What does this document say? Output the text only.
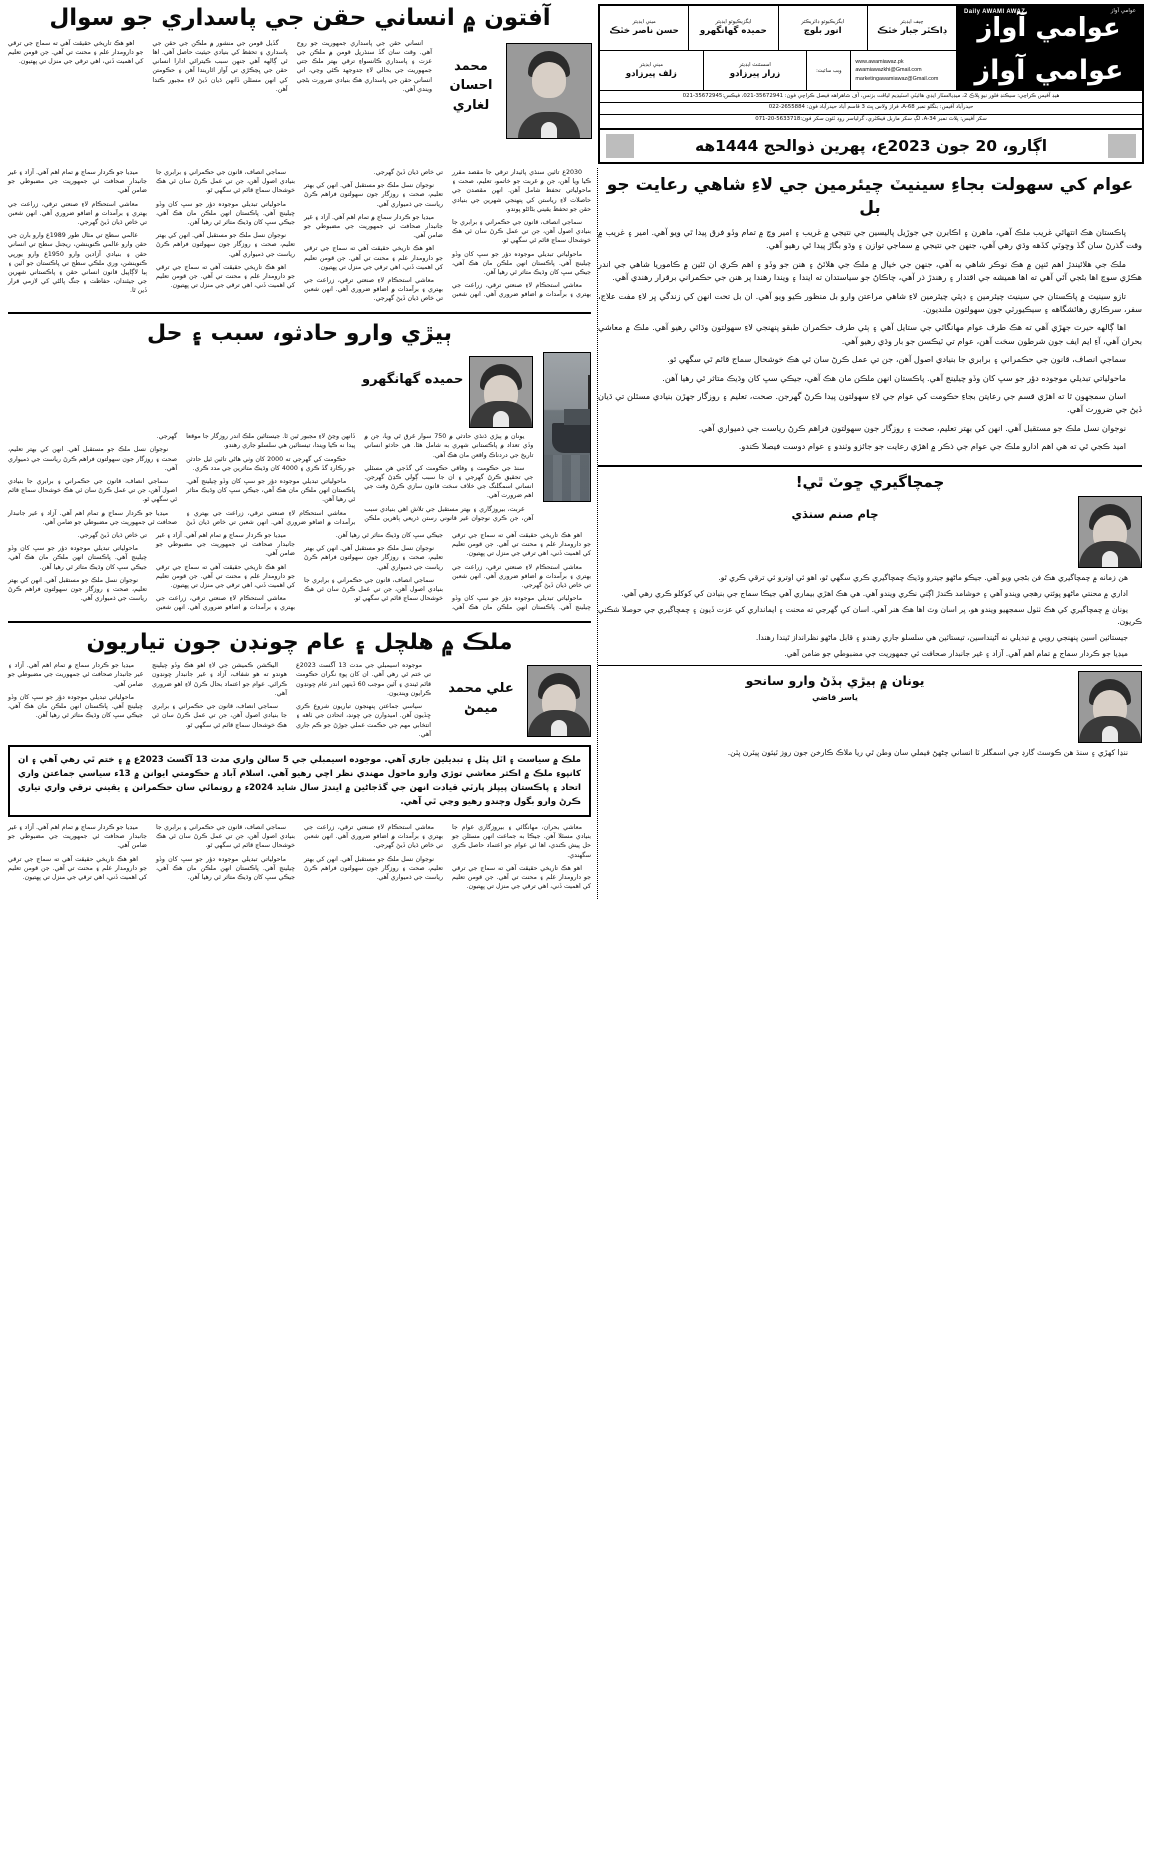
عوامي آواز
Daily AWAMI AWAZ
عوامي آواز
چيف ايڊيٽر
ڊاڪٽر جبار خٽڪ
ايگزيڪيوٽو ڊائريڪٽر
انور بلوچ
ايگزيڪيوٽو ايڊيٽر
حميده گهانگهرو
ميني ايڊيٽر
حسن ناصر خٽڪ
عوامي آواز
www.awamiawaz.pk
awamiawazkhi@Gmail.com
marketingawamiawaz@Gmail.com
ويب سائيٽ:
اسسٽنٽ ايڊيٽر
زرار پيرزادو
ميني ايڊيٽر
زلف پيرزادو
هيڊ آفيس ڪراچي: سيڪنڊ فلور نيو پلاڪ 2، ميڊيالسٽار ايڊي هائيٽي اسٽيڊيم لياقت بزنس، آف شاهراهه فيصل ڪراچي فون: 35672941-021، فيڪس:35672945-021
حيدرآباد آفيس: بنگلو نمبر 68-A، فراز ولاس ڀٽ 3 قاسم آباد حيدرآباد فون: 2655884-022
سکر آفيس: پلاٽ نمبر 34-A، لڳ سکر ماربل فيڪٽري، گرلياسر روڊ ٽئون سکر فون:5633718-20-071
آفتون ۾ انساني حقن جي پاسداري جو سوال
محمد احسان لغاري

انساني حقن جي پاسداري جمهوريت جو روح آهي. وقت سان گڏ سنڌريل قومن ۾ ملڪن جي عزت ۽ پاسداري ڪانسواءِ ترقي بهتر ملڪ جتي جمهوريت جي بحالي لاءِ جدوجهد ڪئي وڃي، اتي انساني حقن جي پاسداري هڪ بنيادي ضرورت بڻجي ويندي آهي.

گڏيل قومن جي منشور ۾ ملڪن جي حقن جي پاسداري ۽ تحفظ کي بنيادي حيثيت حاصل آهي. اها ئي ڳالهه آهي جنهن سبب ڪيترائي ادارا انساني حقن جي ڀڃڪڙي تي آواز اٿاريندا آهن ۽ حڪومتن کي انهن مسئلن ڏانهن ڌيان ڏيڻ لاءِ مجبور ڪندا آهن.

اهو هڪ تاريخي حقيقت آهي ته سماج جي ترقي جو دارومدار علم ۽ محنت تي آهي. جن قومن تعليم کي اهميت ڏني، اهي ترقي جي منزل تي پهتيون.

اڳارو، 20 جون 2023ع، پهرين ذوالحج 1444هه
عوام کي سهولت بجاءِ سينيٽ چيئرمين جي لاءِ شاهي رعايت جو بل

پاڪستان هڪ انتهائي غريب ملڪ آهي، ماهرن ۽ اڪابرن جي جوڙيل پاليسين جي نتيجي ۾ غريب ۽ امير وچ ۾ تمام وڏو فرق پيدا ٿي ويو آهي. امير ۽ غريب ۾ وقت گذرڻ سان گڏ وڇوٽي کڏهه وڌي رهي آهي، جنهن جي نتيجي ۾ سماجي توازن ۽ وڌو بگاڙ پيدا ٿي رهيو آهي.

ملڪ جي هلائيندڙ اهم ٿنڀن ۾ هڪ نوڪر شاهي به آهي، جنهن جي خيال ۾ ملڪ جي هلائڻ ۽ هنن جو وڏو ۽ اهم ڪري ان ٿئين ۾ ڪاموريا شاهي جي اندر هڪڙي سوچ اها بڻجي آئي آهي ته اها هميشه جي اقتدار ۽ رهندڙ ذر آهي، چاڪاڻ جو سياستدان ته ايندا ۽ ويندا رهندا پر هنن جي حڪمراني برقرار رهندي آهي.

تازو سينيٽ ۾ پاڪستان جي سينيٽ چيئرمين ۽ ڊپٽي چيئرمين لاءِ شاهي مراعتن وارو بل منظور ڪيو ويو آهي. ان بل تحت انهن کي زندگي ڀر لاءِ مفت علاج، سفر، سرڪاري رهائشگاهه ۽ سيڪيورٽي جون سهولتون ملنديون.

اها ڳالهه حيرت جهڙي آهي ته هڪ طرف عوام مهانگائي جي ستايل آهي ۽ ٻئي طرف حڪمران طبقو پنهنجي لاءِ سهولتون وڌائي رهيو آهي. ملڪ ۾ معاشي بحران آهي، آءِ ايم ايف جون شرطون سخت آهن، عوام تي ٽيڪسن جو بار وڌي رهيو آهي.

سماجي انصاف، قانون جي حڪمراني ۽ برابري جا بنيادي اصول آهن، جن تي عمل ڪرڻ سان ئي هڪ خوشحال سماج قائم ٿي سگهي ٿو.

ماحولياتي تبديلي موجوده دؤر جو سڀ کان وڏو چيلينج آهي. پاڪستان انهن ملڪن مان هڪ آهي، جيڪي سڀ کان وڌيڪ متاثر ٿي رهيا آهن.

اسان سمجهون ٿا ته اهڙي قسم جي رعايتن بجاءِ حڪومت کي عوام جي لاءِ سهولتون پيدا ڪرڻ گهرجن. صحت، تعليم ۽ روزگار جهڙن بنيادي مسئلن تي ڌيان ڏيڻ جي ضرورت آهي.

نوجوان نسل ملڪ جو مستقبل آهي. انهن کي بهتر تعليم، صحت ۽ روزگار جون سهولتون فراهم ڪرڻ رياست جي ذميواري آهي.

اميد ڪجي ٿي ته هي اهم ادارو ملڪ جي عوام جي ذڪر ۾ اهڙي رعايت جو جائزو وٺندو ۽ عوام دوست فيصلا ڪندو.

چمچاگيري ڇوٽ ٿي!
چام صنم سنڌي

هن زمانه ۾ چمچاگيري هڪ فن بڻجي ويو آهي. جيڪو ماڻهو جيترو وڌيڪ چمچاگيري ڪري سگهي ٿو، اهو ئي اوترو ئي ترقي ڪري ٿو.

اداري ۾ محنتي ماڻهو پوئتي رهجي ويندو آهي ۽ خوشامد ڪندڙ اڳتي نڪري ويندو آهي. هي هڪ اهڙي بيماري آهي جيڪا سماج جي بنيادن کي کوکلو ڪري رهي آهي.

يونان ۾ چمچاگيري کي هڪ ٺٺول سمجهيو ويندو هو، پر اسان وٽ اها هڪ هنر آهي. اسان کي گهرجي ته محنت ۽ ايمانداري کي عزت ڏيون ۽ چمچاگيري جي حوصلا شڪني ڪريون.

جيستائين اسين پنهنجي رويي ۾ تبديلي نه آڻينداسين، تيستائين هي سلسلو جاري رهندو ۽ قابل ماڻهو نظرانداز ٿيندا رهندا.

ميڊيا جو ڪردار سماج ۾ تمام اهم آهي. آزاد ۽ غير جانبدار صحافت ئي جمهوريت جي مضبوطي جو ضامن آهي.

يونان ۾ ٻيڙي ٻڏڻ وارو سانحو
ياسر قاضي

ننڍا کهڙي ۽ سنڌ هن ڪوسٽ گارڊ جي اسمگلر ٽا انساني ڄڻهڻ فيملي سان وطن ٿي ريا ملاڪ ڪارخن جون روز ٽيئون پيٽرن پٽن.

2030ع تائين سنڌي پائيدار ترقي جا مقصد مقرر ڪيا ويا آهن، جن ۾ غربت جو خاتمو، تعليم، صحت ۽ ماحولياتي تحفظ شامل آهن. انهن مقصدن جي حاصلات لاءِ رياستن کي پنهنجي شهرين جي بنيادي حقن جو تحفظ يقيني بڻائڻو پوندو.

سماجي انصاف، قانون جي حڪمراني ۽ برابري جا بنيادي اصول آهن، جن تي عمل ڪرڻ سان ئي هڪ خوشحال سماج قائم ٿي سگهي ٿو.

ماحولياتي تبديلي موجوده دؤر جو سڀ کان وڏو چيلينج آهي. پاڪستان انهن ملڪن مان هڪ آهي، جيڪي سڀ کان وڌيڪ متاثر ٿي رهيا آهن.

معاشي استحڪام لاءِ صنعتي ترقي، زراعت جي بهتري ۽ برآمدات ۾ اضافو ضروري آهي. انهن شعبن تي خاص ڌيان ڏيڻ گهرجي.

نوجوان نسل ملڪ جو مستقبل آهي. انهن کي بهتر تعليم، صحت ۽ روزگار جون سهولتون فراهم ڪرڻ رياست جي ذميواري آهي.

ميڊيا جو ڪردار سماج ۾ تمام اهم آهي. آزاد ۽ غير جانبدار صحافت ئي جمهوريت جي مضبوطي جو ضامن آهي.

اهو هڪ تاريخي حقيقت آهي ته سماج جي ترقي جو دارومدار علم ۽ محنت تي آهي. جن قومن تعليم کي اهميت ڏني، اهي ترقي جي منزل تي پهتيون.

معاشي استحڪام لاءِ صنعتي ترقي، زراعت جي بهتري ۽ برآمدات ۾ اضافو ضروري آهي. انهن شعبن تي خاص ڌيان ڏيڻ گهرجي.

سماجي انصاف، قانون جي حڪمراني ۽ برابري جا بنيادي اصول آهن، جن تي عمل ڪرڻ سان ئي هڪ خوشحال سماج قائم ٿي سگهي ٿو.

ماحولياتي تبديلي موجوده دؤر جو سڀ کان وڏو چيلينج آهي. پاڪستان انهن ملڪن مان هڪ آهي، جيڪي سڀ کان وڌيڪ متاثر ٿي رهيا آهن.

نوجوان نسل ملڪ جو مستقبل آهي. انهن کي بهتر تعليم، صحت ۽ روزگار جون سهولتون فراهم ڪرڻ رياست جي ذميواري آهي.

اهو هڪ تاريخي حقيقت آهي ته سماج جي ترقي جو دارومدار علم ۽ محنت تي آهي. جن قومن تعليم کي اهميت ڏني، اهي ترقي جي منزل تي پهتيون.

ميڊيا جو ڪردار سماج ۾ تمام اهم آهي. آزاد ۽ غير جانبدار صحافت ئي جمهوريت جي مضبوطي جو ضامن آهي.

معاشي استحڪام لاءِ صنعتي ترقي، زراعت جي بهتري ۽ برآمدات ۾ اضافو ضروري آهي. انهن شعبن تي خاص ڌيان ڏيڻ گهرجي.

عالمي سطح تي مثال طور 1989ع وارو بارن جي حقن وارو عالمي ڪنوينشن، ريجنل سطح تي انساني حقن ۽ بنيادي آزادين وارو 1950ع وارو يورپي ڪنوينشن، وري ملڪي سطح تي پاڪستان جو آئين ۽ ٻيا لاڳاپيل قانون انساني حقن ۽ پاڪستاني شهرين جي جيئندان، حفاظت ۽ جنگ پالڻي کي لازمي قرار ڏين ٿا.

ٻيڙي وارو حادثو، سبب ۽ حل
حميده گهانگهرو

يونان ۾ ٻيڙي ڌنڌي حادثي ۾ 750 سوار غرق ٿي ويا، جن ۾ وڏي تعداد ۾ پاڪستاني شهري به شامل هئا. هي حادثو انساني تاريخ جي دردناڪ واقعن مان هڪ آهي.

سنڌ جي حڪومت ۽ وفاقي حڪومت کي گڏجي هن مسئلي جي تحقيق ڪرڻ گهرجي ۽ ان جا سبب ڳولي ڪڍڻ گهرجن. انساني اسمگلنگ جي خلاف سخت قانون سازي ڪرڻ وقت جي اهم ضرورت آهي.

غربت، بيروزگاري ۽ بهتر مستقبل جي تلاش اهي بنيادي سبب آهن، جن ڪري نوجوان غير قانوني رستن ذريعي ٻاهرين ملڪن ڏانهن وڃڻ لاءِ مجبور ٿين ٿا. جيستائين ملڪ اندر روزگار جا موقعا پيدا نه ڪيا ويندا، تيستائين هي سلسلو جاري رهندو.

حڪومت کي گهرجي ته 2000 کان وٺي هاڻي تائين ٿيل حادثن جو رڪارڊ گڏ ڪري ۽ 4000 کان وڌيڪ متاثرين جي مدد ڪري.

ماحولياتي تبديلي موجوده دؤر جو سڀ کان وڏو چيلينج آهي. پاڪستان انهن ملڪن مان هڪ آهي، جيڪي سڀ کان وڌيڪ متاثر ٿي رهيا آهن.

معاشي استحڪام لاءِ صنعتي ترقي، زراعت جي بهتري ۽ برآمدات ۾ اضافو ضروري آهي. انهن شعبن تي خاص ڌيان ڏيڻ گهرجي.

نوجوان نسل ملڪ جو مستقبل آهي. انهن کي بهتر تعليم، صحت ۽ روزگار جون سهولتون فراهم ڪرڻ رياست جي ذميواري آهي.

سماجي انصاف، قانون جي حڪمراني ۽ برابري جا بنيادي اصول آهن، جن تي عمل ڪرڻ سان ئي هڪ خوشحال سماج قائم ٿي سگهي ٿو.

ميڊيا جو ڪردار سماج ۾ تمام اهم آهي. آزاد ۽ غير جانبدار صحافت ئي جمهوريت جي مضبوطي جو ضامن آهي.

اهو هڪ تاريخي حقيقت آهي ته سماج جي ترقي جو دارومدار علم ۽ محنت تي آهي. جن قومن تعليم کي اهميت ڏني، اهي ترقي جي منزل تي پهتيون.

معاشي استحڪام لاءِ صنعتي ترقي، زراعت جي بهتري ۽ برآمدات ۾ اضافو ضروري آهي. انهن شعبن تي خاص ڌيان ڏيڻ گهرجي.

ماحولياتي تبديلي موجوده دؤر جو سڀ کان وڏو چيلينج آهي. پاڪستان انهن ملڪن مان هڪ آهي، جيڪي سڀ کان وڌيڪ متاثر ٿي رهيا آهن.

نوجوان نسل ملڪ جو مستقبل آهي. انهن کي بهتر تعليم، صحت ۽ روزگار جون سهولتون فراهم ڪرڻ رياست جي ذميواري آهي.

سماجي انصاف، قانون جي حڪمراني ۽ برابري جا بنيادي اصول آهن، جن تي عمل ڪرڻ سان ئي هڪ خوشحال سماج قائم ٿي سگهي ٿو.

ميڊيا جو ڪردار سماج ۾ تمام اهم آهي. آزاد ۽ غير جانبدار صحافت ئي جمهوريت جي مضبوطي جو ضامن آهي.

اهو هڪ تاريخي حقيقت آهي ته سماج جي ترقي جو دارومدار علم ۽ محنت تي آهي. جن قومن تعليم کي اهميت ڏني، اهي ترقي جي منزل تي پهتيون.

معاشي استحڪام لاءِ صنعتي ترقي، زراعت جي بهتري ۽ برآمدات ۾ اضافو ضروري آهي. انهن شعبن تي خاص ڌيان ڏيڻ گهرجي.

ماحولياتي تبديلي موجوده دؤر جو سڀ کان وڏو چيلينج آهي. پاڪستان انهن ملڪن مان هڪ آهي، جيڪي سڀ کان وڌيڪ متاثر ٿي رهيا آهن.

نوجوان نسل ملڪ جو مستقبل آهي. انهن کي بهتر تعليم، صحت ۽ روزگار جون سهولتون فراهم ڪرڻ رياست جي ذميواري آهي.

ملڪ ۾ هلچل ۽ عام چونڊن جون تياريون
علي محمد ميمڻ

موجوده اسيمبلي جي مدت 13 آگسٽ 2023ع تي ختم ٿي رهي آهي. ان کان پوءِ نگران حڪومت قائم ٿيندي ۽ آئين موجب 60 ڏينهن اندر عام چونڊون ڪرايون وينديون.

سياسي جماعتن پنهنجون تياريون شروع ڪري ڇڏيون آهن. اميدوارن جي چونڊ، اتحادن جي ٺاهه ۽ انتخابي مهم جي حڪمت عملي جوڙڻ جو ڪم جاري آهي.

اليڪشن ڪميشن جي لاءِ اهو هڪ وڏو چيلينج هوندو ته هو شفاف، آزاد ۽ غير جانبدار چونڊون ڪرائي. عوام جو اعتماد بحال ڪرڻ لاءِ اهو ضروري آهي.

سماجي انصاف، قانون جي حڪمراني ۽ برابري جا بنيادي اصول آهن، جن تي عمل ڪرڻ سان ئي هڪ خوشحال سماج قائم ٿي سگهي ٿو.

ميڊيا جو ڪردار سماج ۾ تمام اهم آهي. آزاد ۽ غير جانبدار صحافت ئي جمهوريت جي مضبوطي جو ضامن آهي.

ماحولياتي تبديلي موجوده دؤر جو سڀ کان وڏو چيلينج آهي. پاڪستان انهن ملڪن مان هڪ آهي، جيڪي سڀ کان وڌيڪ متاثر ٿي رهيا آهن.

ملڪ ۾ سياست ۽ اٽل پٽل ۽ تبديلين جاري آهي. موجوده اسيمبلي جي 5 سالن واري مدت 13 آگسٽ 2023ع ۾ ۽ ختم ٿي رهي آهي ۽ ان کانپوءِ ملڪ ۾ اڪثر معاشي توڙي وارو ماحول مهندي نظر اچي رهيو آهي. اسلام آباد ۾ حڪومتي ايوانن ۾ 13ء سياسي جماعتن واري اتحاد ۽ پاڪستان پيپلز پارٽي قيادت انهن جي گڏجاڻين ۾ ايندڙ سال شايد 2024ء ۾ رونمائي سان حڪمرانن ۽ يقيني ترقي واري تياري ڪرڻ وارو بگول وڄندو رهيو وڃي ٿي آهي.

معاشي بحران، مهانگائي ۽ بيروزگاري عوام جا بنيادي مسئلا آهن. جيڪا به جماعت انهن مسئلن جو حل پيش ڪندي، اها ئي عوام جو اعتماد حاصل ڪري سگهندي.

اهو هڪ تاريخي حقيقت آهي ته سماج جي ترقي جو دارومدار علم ۽ محنت تي آهي. جن قومن تعليم کي اهميت ڏني، اهي ترقي جي منزل تي پهتيون.

معاشي استحڪام لاءِ صنعتي ترقي، زراعت جي بهتري ۽ برآمدات ۾ اضافو ضروري آهي. انهن شعبن تي خاص ڌيان ڏيڻ گهرجي.

نوجوان نسل ملڪ جو مستقبل آهي. انهن کي بهتر تعليم، صحت ۽ روزگار جون سهولتون فراهم ڪرڻ رياست جي ذميواري آهي.

سماجي انصاف، قانون جي حڪمراني ۽ برابري جا بنيادي اصول آهن، جن تي عمل ڪرڻ سان ئي هڪ خوشحال سماج قائم ٿي سگهي ٿو.

ماحولياتي تبديلي موجوده دؤر جو سڀ کان وڏو چيلينج آهي. پاڪستان انهن ملڪن مان هڪ آهي، جيڪي سڀ کان وڌيڪ متاثر ٿي رهيا آهن.

ميڊيا جو ڪردار سماج ۾ تمام اهم آهي. آزاد ۽ غير جانبدار صحافت ئي جمهوريت جي مضبوطي جو ضامن آهي.

اهو هڪ تاريخي حقيقت آهي ته سماج جي ترقي جو دارومدار علم ۽ محنت تي آهي. جن قومن تعليم کي اهميت ڏني، اهي ترقي جي منزل تي پهتيون.
